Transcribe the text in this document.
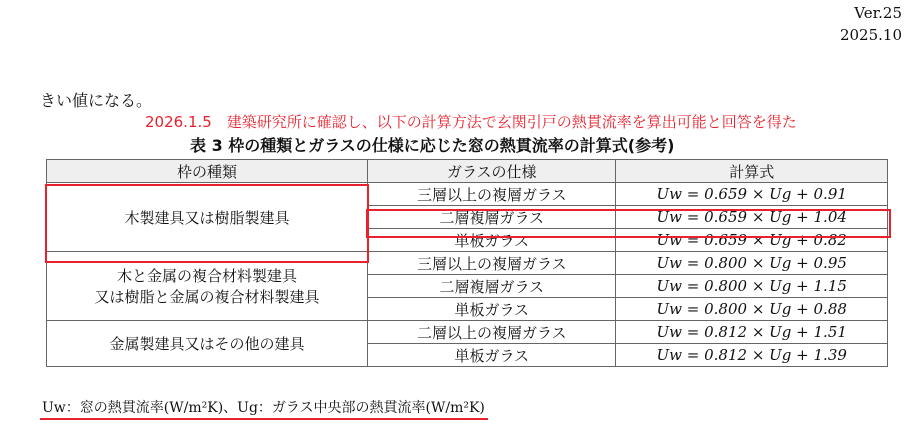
Ver.25
2025.10
きい値になる。
2026.1.5　建築研究所に確認し、以下の計算方法で玄関引戸の熱貫流率を算出可能と回答を得た
表 3 枠の種類とガラスの仕様に応じた窓の熱貫流率の計算式(参考)
枠の種類	ガラスの仕様	計算式
木製建具又は樹脂製建具	三層以上の複層ガラス	Uw = 0.659 × Ug + 0.91
	二層複層ガラス	Uw = 0.659 × Ug + 1.04
	単板ガラス	Uw = 0.659 × Ug + 0.82

木と金属の複合材料製建具
又は樹脂と金属の複合材料製建具	三層以上の複層ガラス	Uw = 0.800 × Ug + 0.95
	二層複層ガラス	Uw = 0.800 × Ug + 1.15
	単板ガラス	Uw = 0.800 × Ug + 0.88
金属製建具又はその他の建具	二層以上の複層ガラス	Uw = 0.812 × Ug + 1.51
	単板ガラス	Uw = 0.812 × Ug + 1.39
Uw：窓の熱貫流率(W/m²K)、Ug：ガラス中央部の熱貫流率(W/m²K)
